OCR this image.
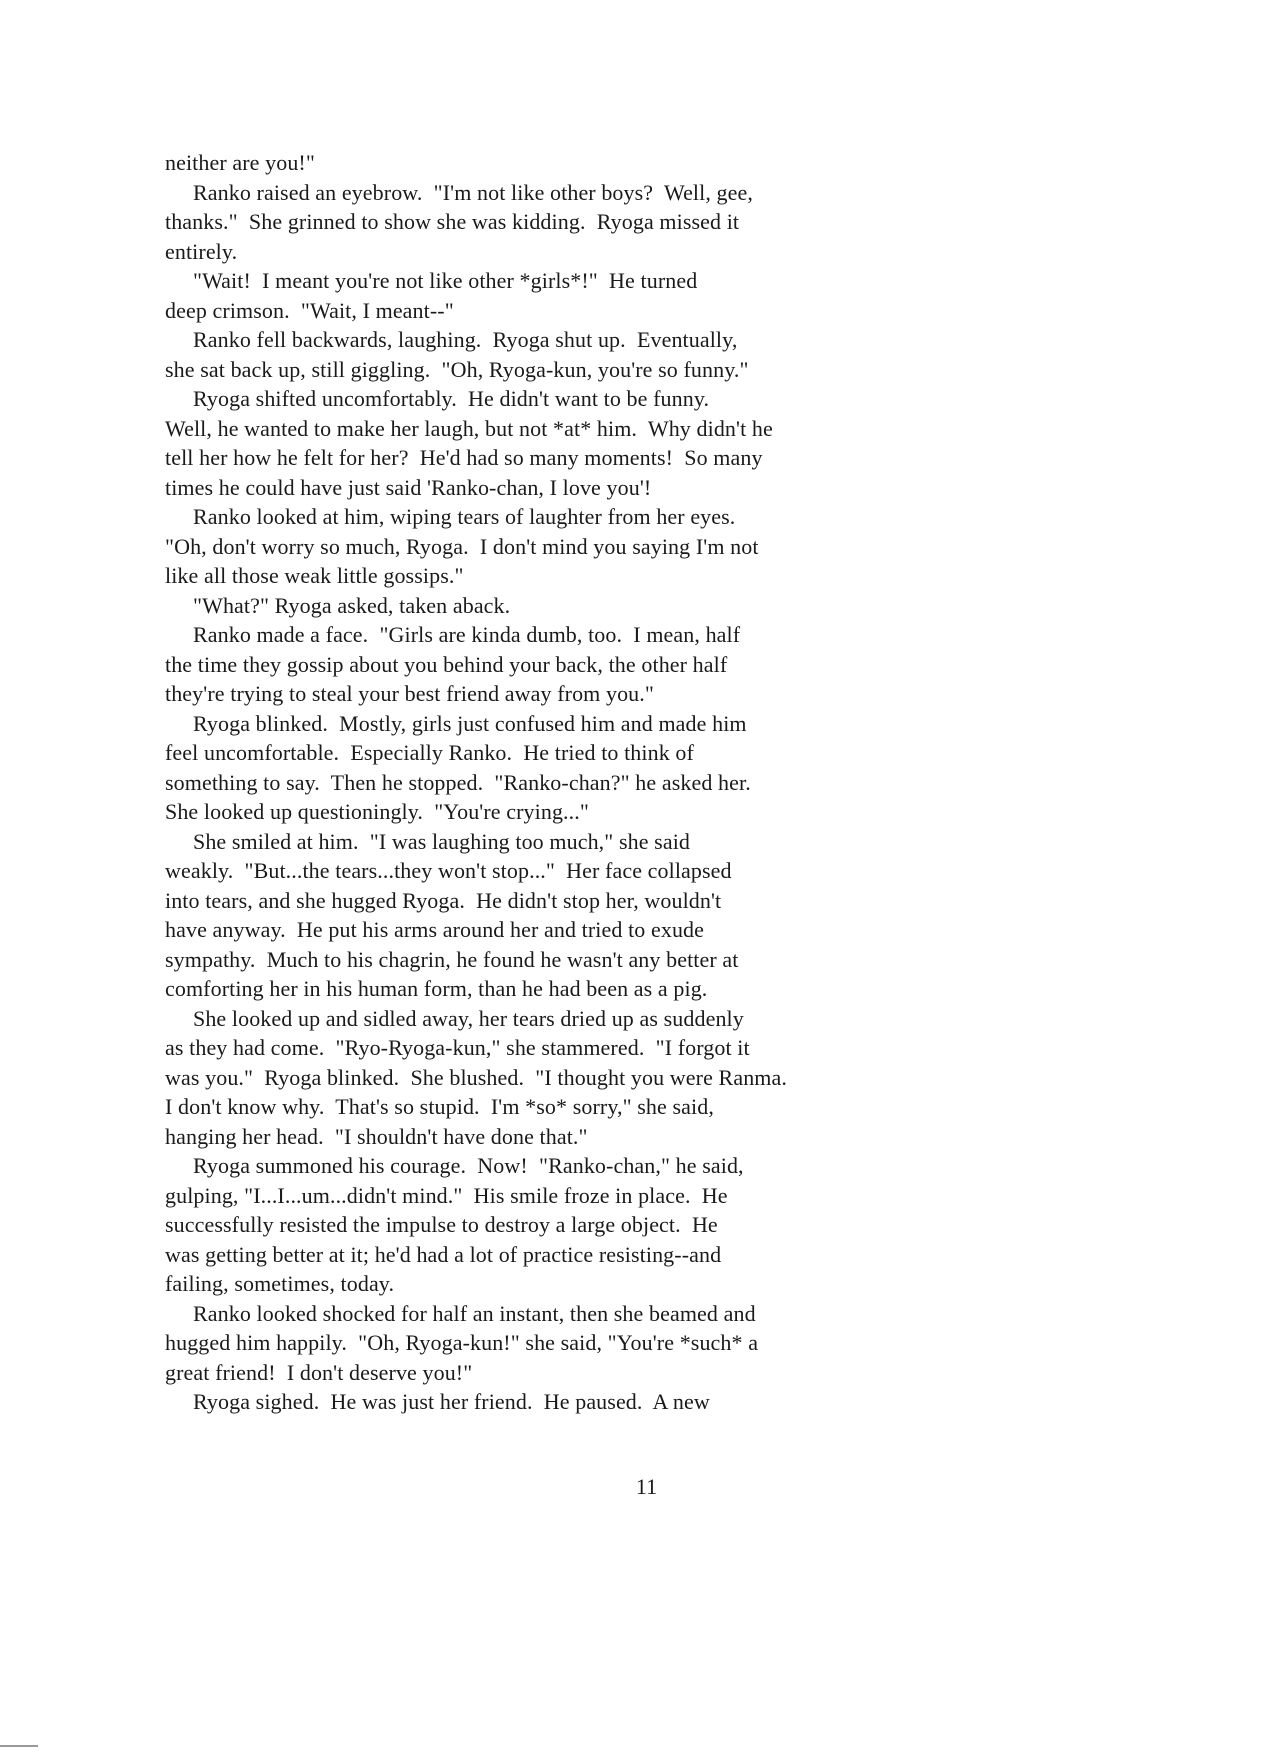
neither are you!"
Ranko raised an eyebrow.  "I'm not like other boys?  Well, gee,
thanks."  She grinned to show she was kidding.  Ryoga missed it
entirely.
"Wait!  I meant you're not like other *girls*!"  He turned
deep crimson.  "Wait, I meant--"
Ranko fell backwards, laughing.  Ryoga shut up.  Eventually,
she sat back up, still giggling.  "Oh, Ryoga-kun, you're so funny."
Ryoga shifted uncomfortably.  He didn't want to be funny.
Well, he wanted to make her laugh, but not *at* him.  Why didn't he
tell her how he felt for her?  He'd had so many moments!  So many
times he could have just said 'Ranko-chan, I love you'!
Ranko looked at him, wiping tears of laughter from her eyes.
"Oh, don't worry so much, Ryoga.  I don't mind you saying I'm not
like all those weak little gossips."
"What?" Ryoga asked, taken aback.
Ranko made a face.  "Girls are kinda dumb, too.  I mean, half
the time they gossip about you behind your back, the other half
they're trying to steal your best friend away from you."
Ryoga blinked.  Mostly, girls just confused him and made him
feel uncomfortable.  Especially Ranko.  He tried to think of
something to say.  Then he stopped.  "Ranko-chan?" he asked her.
She looked up questioningly.  "You're crying..."
She smiled at him.  "I was laughing too much," she said
weakly.  "But...the tears...they won't stop..."  Her face collapsed
into tears, and she hugged Ryoga.  He didn't stop her, wouldn't
have anyway.  He put his arms around her and tried to exude
sympathy.  Much to his chagrin, he found he wasn't any better at
comforting her in his human form, than he had been as a pig.
She looked up and sidled away, her tears dried up as suddenly
as they had come.  "Ryo-Ryoga-kun," she stammered.  "I forgot it
was you."  Ryoga blinked.  She blushed.  "I thought you were Ranma.
I don't know why.  That's so stupid.  I'm *so* sorry," she said,
hanging her head.  "I shouldn't have done that."
Ryoga summoned his courage.  Now!  "Ranko-chan," he said,
gulping, "I...I...um...didn't mind."  His smile froze in place.  He
successfully resisted the impulse to destroy a large object.  He
was getting better at it; he'd had a lot of practice resisting--and
failing, sometimes, today.
Ranko looked shocked for half an instant, then she beamed and
hugged him happily.  "Oh, Ryoga-kun!" she said, "You're *such* a
great friend!  I don't deserve you!"
Ryoga sighed.  He was just her friend.  He paused.  A new
11
